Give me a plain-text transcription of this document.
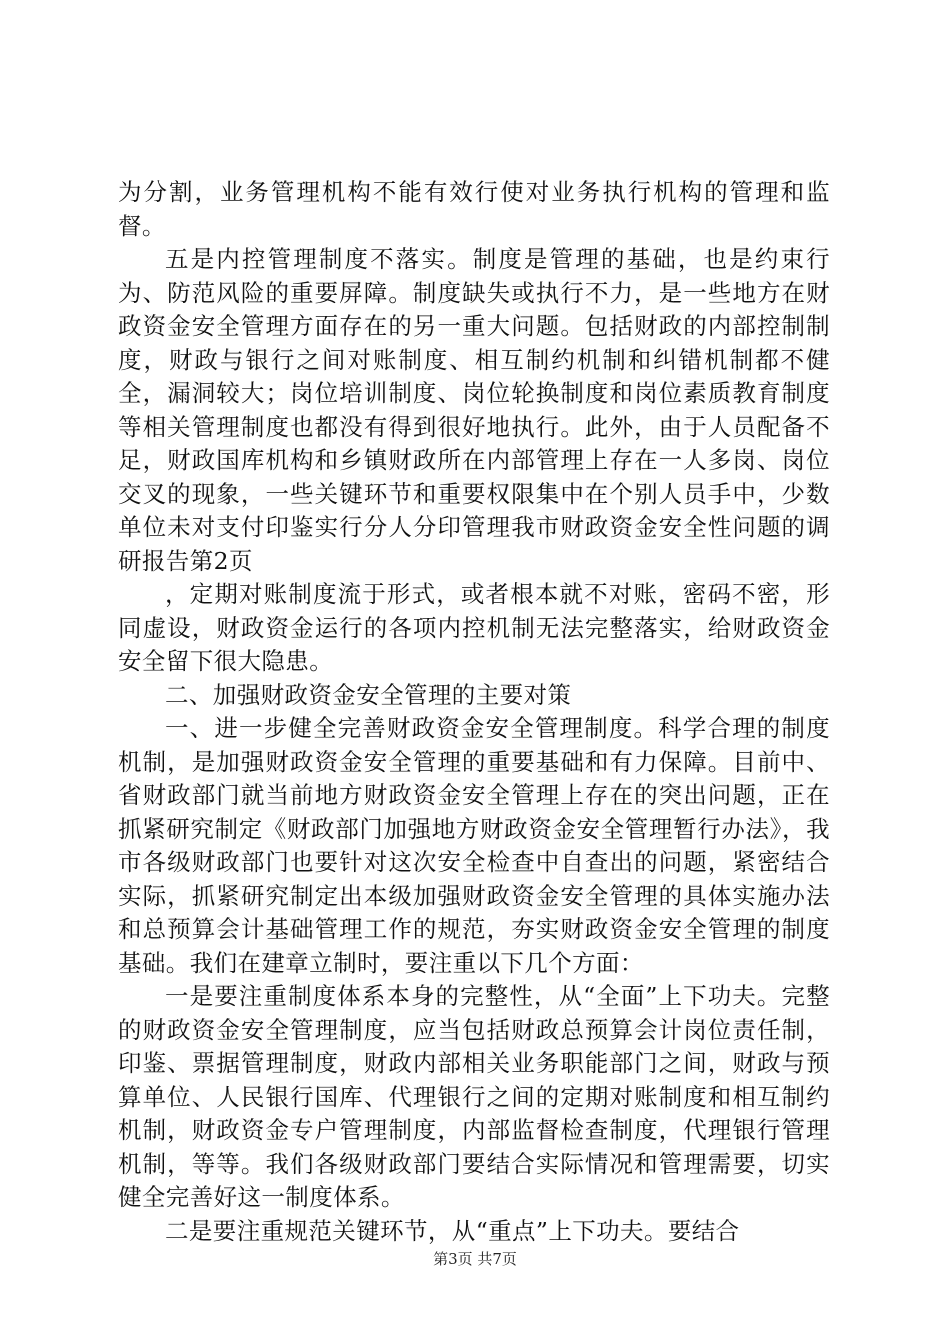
为分割，业务管理机构不能有效行使对业务执行机构的管理和监督。

五是内控管理制度不落实。制度是管理的基础，也是约束行为、防范风险的重要屏障。制度缺失或执行不力，是一些地方在财政资金安全管理方面存在的另一重大问题。包括财政的内部控制制度，财政与银行之间对账制度、相互制约机制和纠错机制都不健全，漏洞较大；岗位培训制度、岗位轮换制度和岗位素质教育制度等相关管理制度也都没有得到很好地执行。此外，由于人员配备不足，财政国库机构和乡镇财政所在内部管理上存在一人多岗、岗位交叉的现象，一些关键环节和重要权限集中在个别人员手中，少数单位未对支付印鉴实行分人分印管理我市财政资金安全性问题的调研报告第2页

，定期对账制度流于形式，或者根本就不对账，密码不密，形同虚设，财政资金运行的各项内控机制无法完整落实，给财政资金安全留下很大隐患。

二、加强财政资金安全管理的主要对策

一、进一步健全完善财政资金安全管理制度。科学合理的制度机制，是加强财政资金安全管理的重要基础和有力保障。目前中、省财政部门就当前地方财政资金安全管理上存在的突出问题，正在抓紧研究制定《财政部门加强地方财政资金安全管理暂行办法》，我市各级财政部门也要针对这次安全检查中自查出的问题，紧密结合实际，抓紧研究制定出本级加强财政资金安全管理的具体实施办法和总预算会计基础管理工作的规范，夯实财政资金安全管理的制度基础。我们在建章立制时，要注重以下几个方面：

一是要注重制度体系本身的完整性，从“全面”上下功夫。完整的财政资金安全管理制度，应当包括财政总预算会计岗位责任制，印鉴、票据管理制度，财政内部相关业务职能部门之间，财政与预算单位、人民银行国库、代理银行之间的定期对账制度和相互制约机制，财政资金专户管理制度，内部监督检查制度，代理银行管理机制，等等。我们各级财政部门要结合实际情况和管理需要，切实健全完善好这一制度体系。

二是要注重规范关键环节，从“重点”上下功夫。要结合

第3页 共7页
